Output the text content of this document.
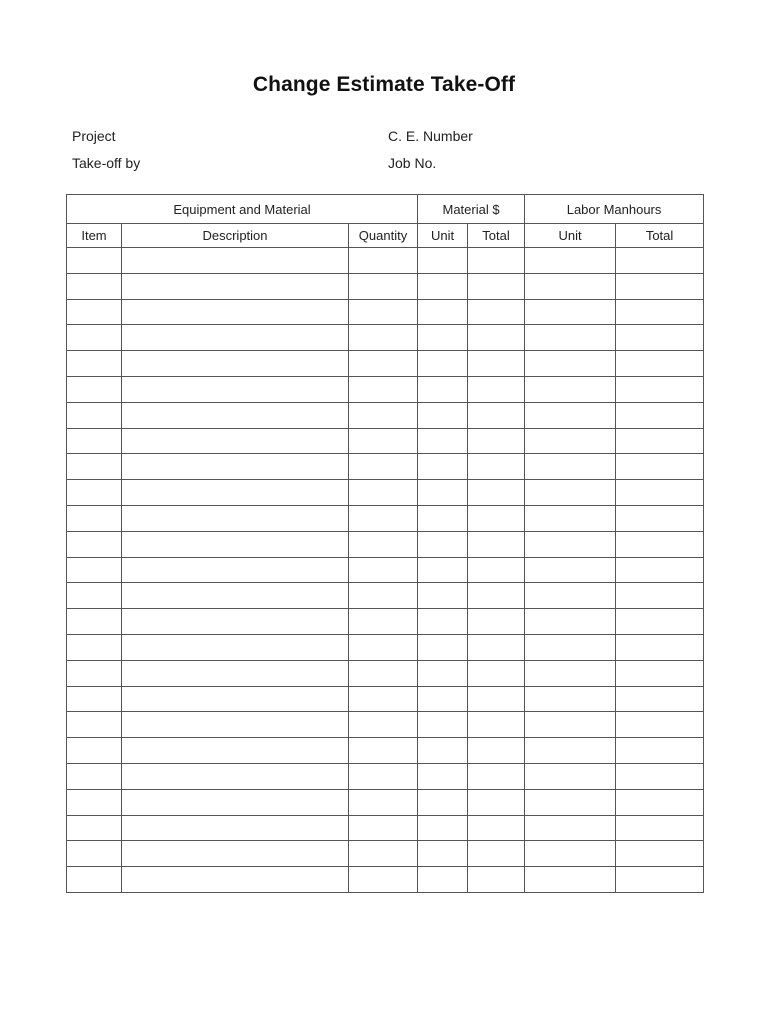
Change Estimate Take-Off
Project
Take-off by
C. E. Number
Job No.
Equipment and Material			Material $		Labor Manhours	
Item	Description	Quantity	Unit	Total	Unit	Total
